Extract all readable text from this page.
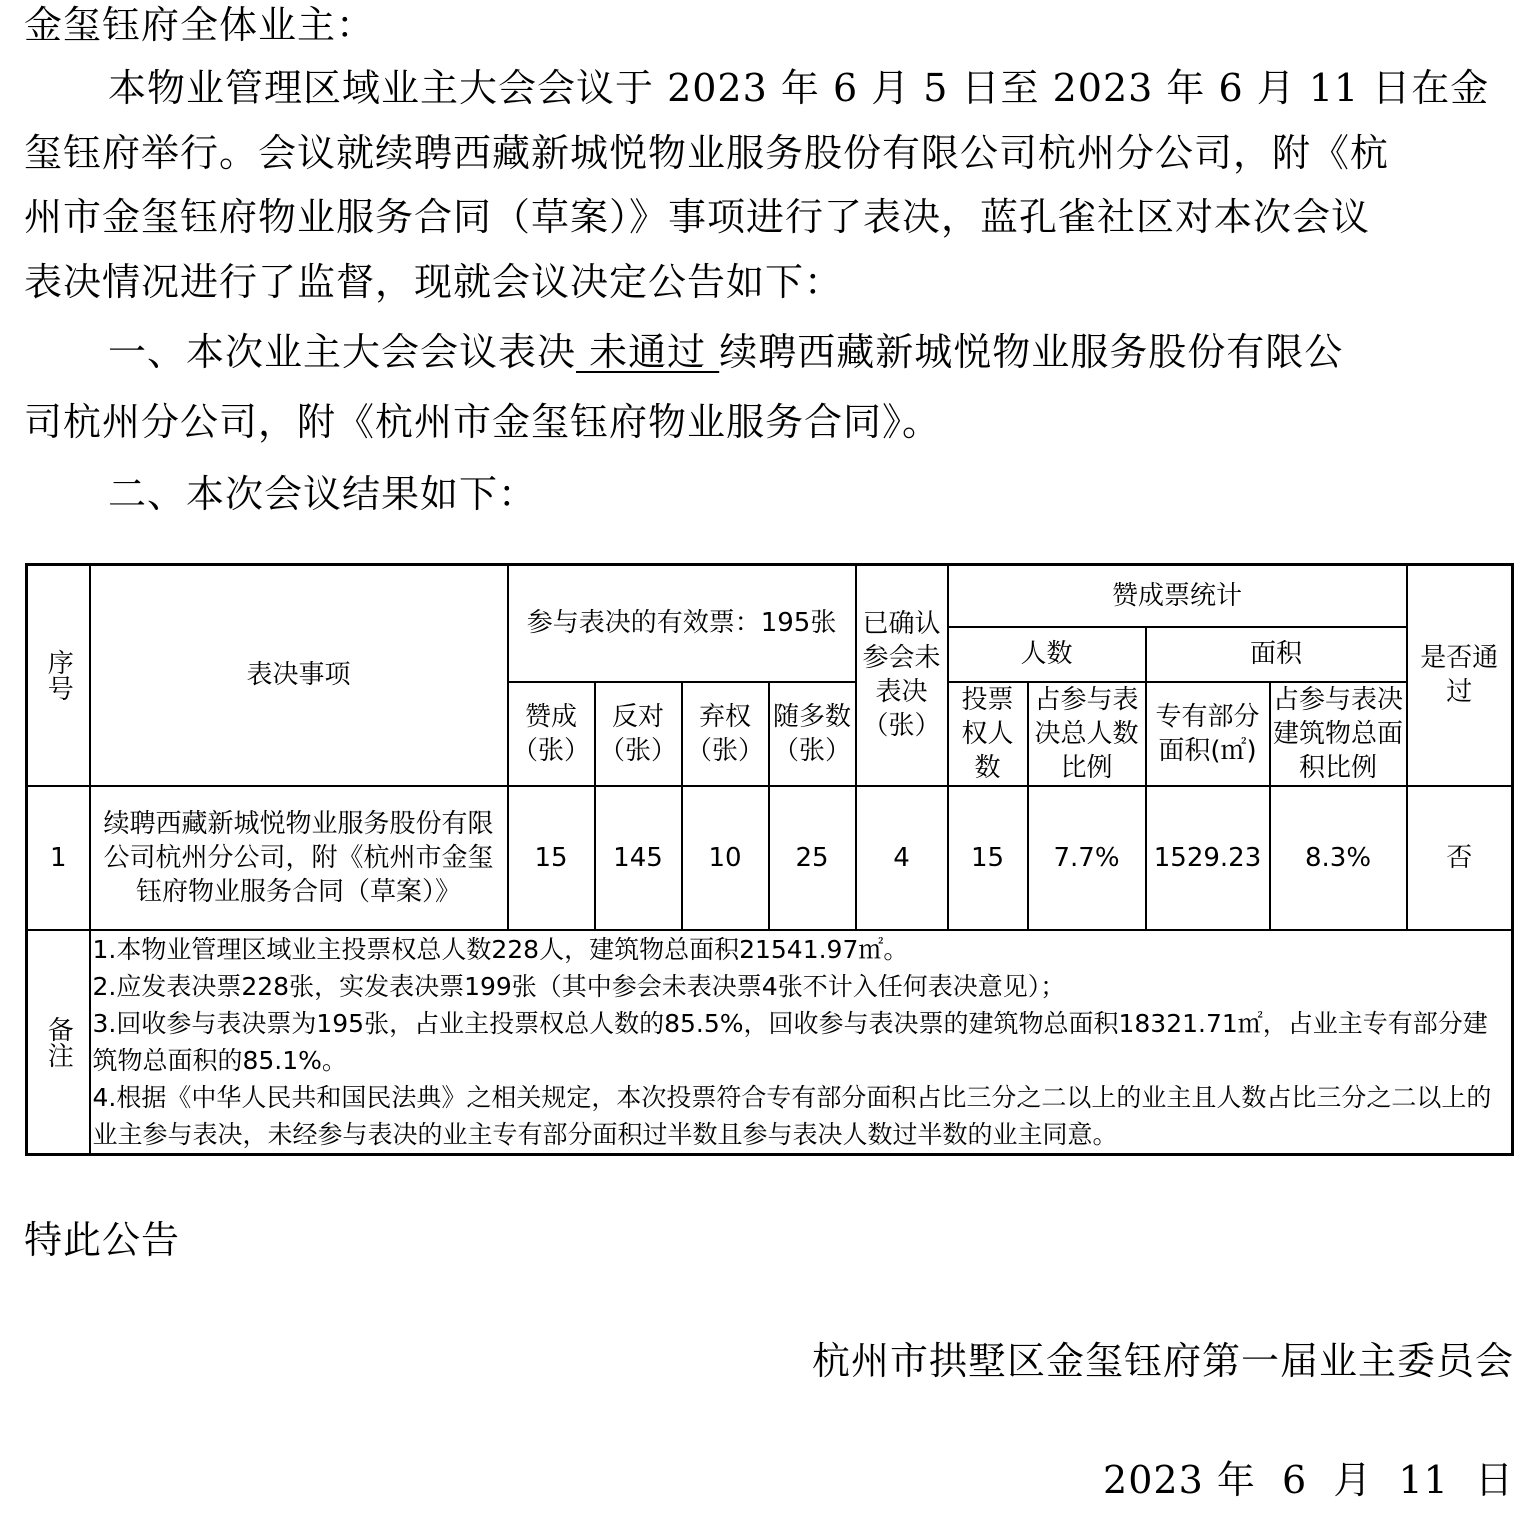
金玺钰府全体业主：

本物业管理区域业主大会会议于 2023 年 6 月 5 日至 2023 年 6 月 11 日在金

玺钰府举行。会议就续聘西藏新城悦物业服务股份有限公司杭州分公司，附《杭

州市金玺钰府物业服务合同（草案）》事项进行了表决，蓝孔雀社区对本次会议

表决情况进行了监督，现就会议决定公告如下：

一、本次业主大会会议表决 未通过 续聘西藏新城悦物业服务股份有限公

司杭州分公司，附《杭州市金玺钰府物业服务合同》。

二、本次会议结果如下：

序号	表决事项	参与表决的有效票：195张				已确认参会未表决（张）	赞成票统计				是否通过
							人数		面积		
		赞成（张）	反对（张）	弃权（张）	随多数（张）		投票权人数	占参与表决总人数比例	专有部分面积(㎡)	占参与表决建筑物总面积比例	
1	续聘西藏新城悦物业服务股份有限公司杭州分公司，附《杭州市金玺钰府物业服务合同（草案）》	15	145	10	25	4	15	7.7%	1529.23	8.3%	否
备注	1.本物业管理区域业主投票权总人数228人，建筑物总面积21541.97㎡。
2.应发表决票228张，实发表决票199张（其中参会未表决票4张不计入任何表决意见）；
3.回收参与表决票为195张，占业主投票权总人数的85.5%，回收参与表决票的建筑物总面积18321.71㎡，占业主专有部分建筑物总面积的85.1%。
4.根据《中华人民共和国民法典》之相关规定，本次投票符合专有部分面积占比三分之二以上的业主且人数占比三分之二以上的业主参与表决，未经参与表决的业主专有部分面积过半数且参与表决人数过半数的业主同意。										

特此公告

杭州市拱墅区金玺钰府第一届业主委员会

2023 年  6  月  11  日
